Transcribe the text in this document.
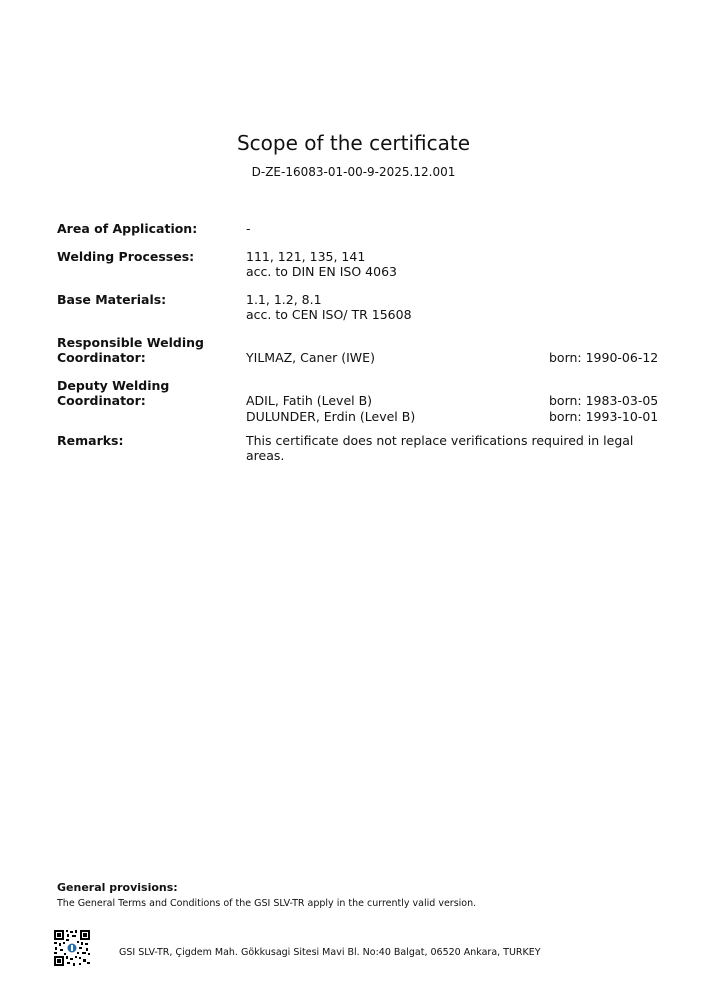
Scope of the certificate
D-ZE-16083-01-00-9-2025.12.001
Area of Application:	-
Welding Processes:	111, 121, 135, 141
acc. to DIN EN ISO 4063
Base Materials:	1.1, 1.2, 8.1
acc. to CEN ISO/ TR 15608
Responsible Welding
Coordinator:	YILMAZ, Caner (IWE)	born: 1990-06-12
Deputy Welding
Coordinator:	ADIL, Fatih (Level B)	born: 1983-03-05
DULUNDER, Erdin (Level B)	born: 1993-10-01
Remarks:	This certificate does not replace verifications required in legal
areas.
General provisions:
The General Terms and Conditions of the GSI SLV-TR apply in the currently valid version.
GSI SLV-TR, Çigdem Mah. Gökkusagi Sitesi Mavi Bl. No:40 Balgat, 06520 Ankara, TURKEY
